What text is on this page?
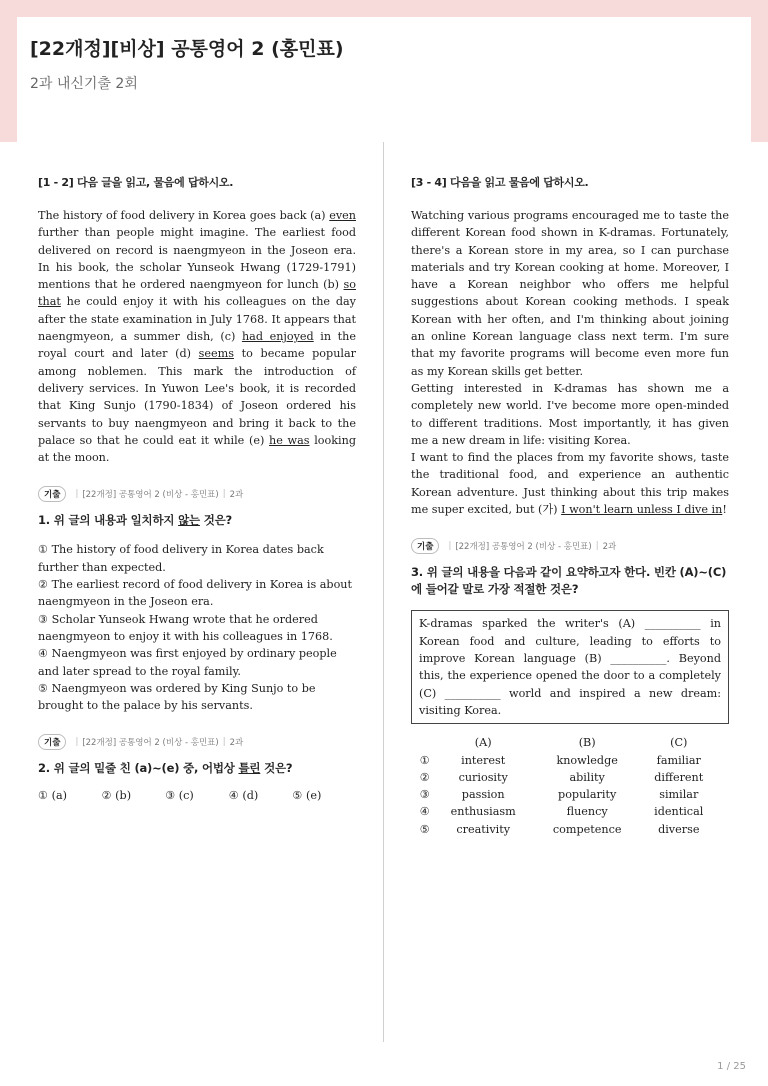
[22개정][비상] 공통영어 2 (홍민표)
2과 내신기출 2회
[1 - 2] 다음 글을 읽고, 물음에 답하시오.
The history of food delivery in Korea goes back (a) even further than people might imagine. The earliest food delivered on record is naengmyeon in the Joseon era. In his book, the scholar Yunseok Hwang (1729-1791) mentions that he ordered naengmyeon for lunch (b) so that he could enjoy it with his colleagues on the day after the state examination in July 1768. It appears that naengmyeon, a summer dish, (c) had enjoyed in the royal court and later (d) seems to became popular among noblemen. This mark the introduction of delivery services. In Yuwon Lee's book, it is recorded that King Sunjo (1790-1834) of Joseon ordered his servants to buy naengmyeon and bring it back to the palace so that he could eat it while (e) he was looking at the moon.
기출	| [22개정] 공통영어 2 (비상 - 홍민표) | 2과
1. 위 글의 내용과 일치하지 않는 것은?
① The history of food delivery in Korea dates back further than expected.
② The earliest record of food delivery in Korea is about naengmyeon in the Joseon era.
③ Scholar Yunseok Hwang wrote that he ordered naengmyeon to enjoy it with his colleagues in 1768.
④ Naengmyeon was first enjoyed by ordinary people and later spread to the royal family.
⑤ Naengmyeon was ordered by King Sunjo to be brought to the palace by his servants.
기출	| [22개정] 공통영어 2 (비상 - 홍민표) | 2과
2. 위 글의 밑줄 친 (a)~(e) 중, 어법상 틀린 것은?
① (a)	② (b)	③ (c)	④ (d)	⑤ (e)
[3 - 4] 다음을 읽고 물음에 답하시오.

Watching various programs encouraged me to taste the different Korean food shown in K-dramas. Fortunately, there's a Korean store in my area, so I can purchase materials and try Korean cooking at home. Moreover, I have a Korean neighbor who offers me helpful suggestions about Korean cooking methods. I speak Korean with her often, and I'm thinking about joining an online Korean language class next term. I'm sure that my favorite programs will become even more fun as my Korean skills get better.

Getting interested in K-dramas has shown me a completely new world. I've become more open-minded to different traditions. Most importantly, it has given me a new dream in life: visiting Korea.

I want to find the places from my favorite shows, taste the traditional food, and experience an authentic Korean adventure. Just thinking about this trip makes me super excited, but (가) I won't learn unless I dive in!

기출	| [22개정] 공통영어 2 (비상 - 홍민표) | 2과
3. 위 글의 내용을 다음과 같이 요약하고자 한다. 빈칸 (A)~(C)에 들어갈 말로 가장 적절한 것은?
K-dramas sparked the writer's (A) __________ in Korean food and culture, leading to efforts to improve Korean language (B) __________. Beyond this, the experience opened the door to a completely (C) __________ world and inspired a new dream: visiting Korea.
	(A)	(B)	(C)
①	interest	knowledge	familiar
②	curiosity	ability	different
③	passion	popularity	similar
④	enthusiasm	fluency	identical
⑤	creativity	competence	diverse
1 / 25
